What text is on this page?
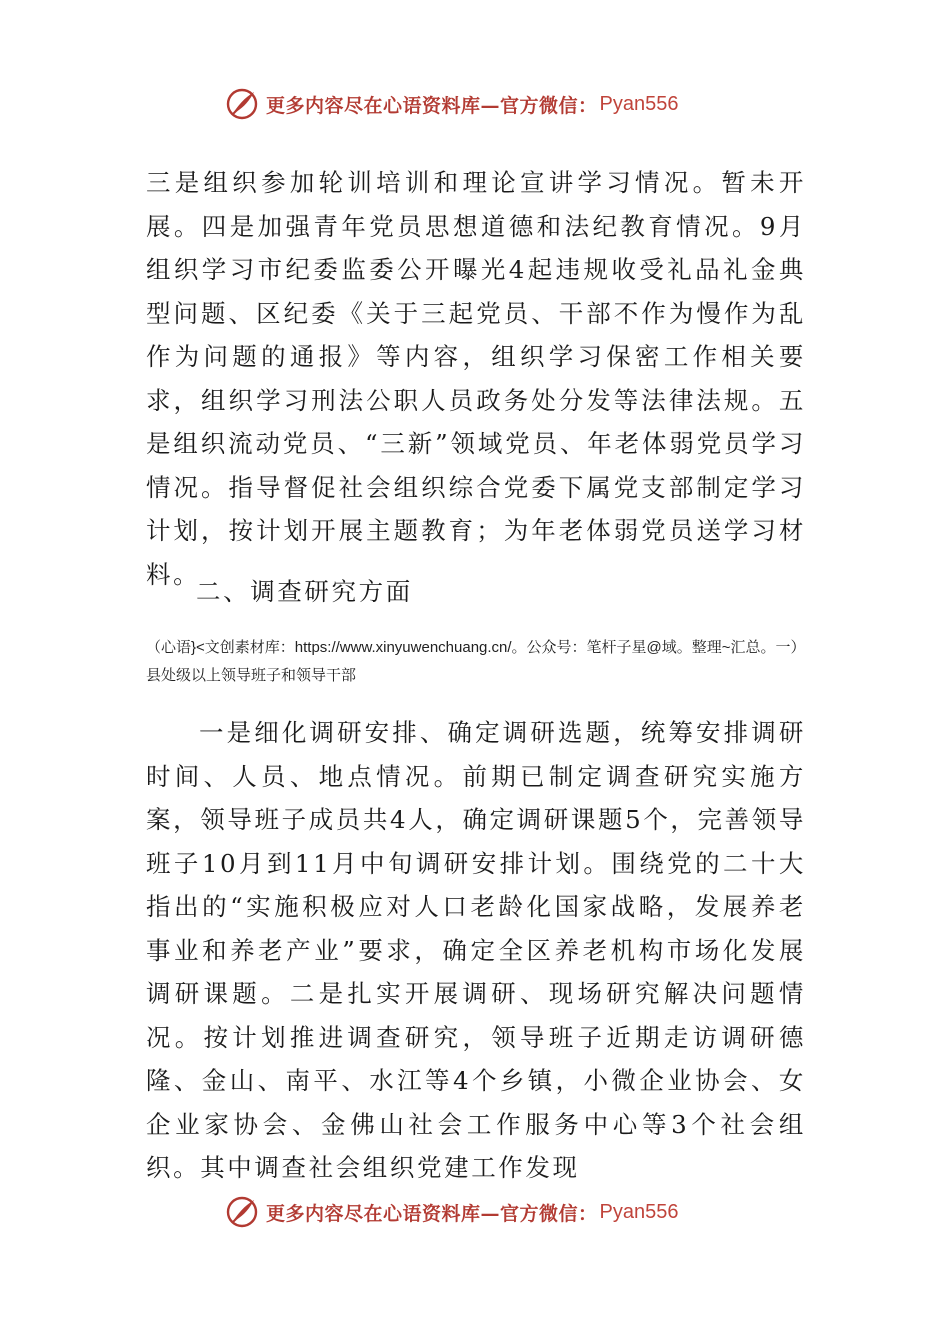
更多内容尽在心语资料库—官方微信： Pyan556

三是组织参加轮训培训和理论宣讲学习情况。暂未开展。四是加强青年党员思想道德和法纪教育情况。9月组织学习市纪委监委公开曝光4起违规收受礼品礼金典型问题、区纪委《关于三起党员、干部不作为慢作为乱作为问题的通报》等内容，组织学习保密工作相关要求，组织学习刑法公职人员政务处分发等法律法规。五是组织流动党员、“三新”领域党员、年老体弱党员学习情况。指导督促社会组织综合党委下属党支部制定学习计划，按计划开展主题教育；为年老体弱党员送学习材料。

二、调查研究方面

（心语}<文创素材库：https://www.xinyuwenchuang.cn/。公众号：笔杆子星@域。整理~汇总。一）县处级以上领导班子和领导干部

一是细化调研安排、确定调研选题，统筹安排调研时间、人员、地点情况。前期已制定调查研究实施方案，领导班子成员共4人，确定调研课题5个，完善领导班子10月到11月中旬调研安排计划。围绕党的二十大指出的“实施积极应对人口老龄化国家战略，发展养老事业和养老产业”要求，确定全区养老机构市场化发展调研课题。二是扎实开展调研、现场研究解决问题情况。按计划推进调查研究，领导班子近期走访调研德隆、金山、南平、水江等4个乡镇，小微企业协会、女企业家协会、金佛山社会工作服务中心等3个社会组织。其中调查社会组织党建工作发现

更多内容尽在心语资料库—官方微信： Pyan556
